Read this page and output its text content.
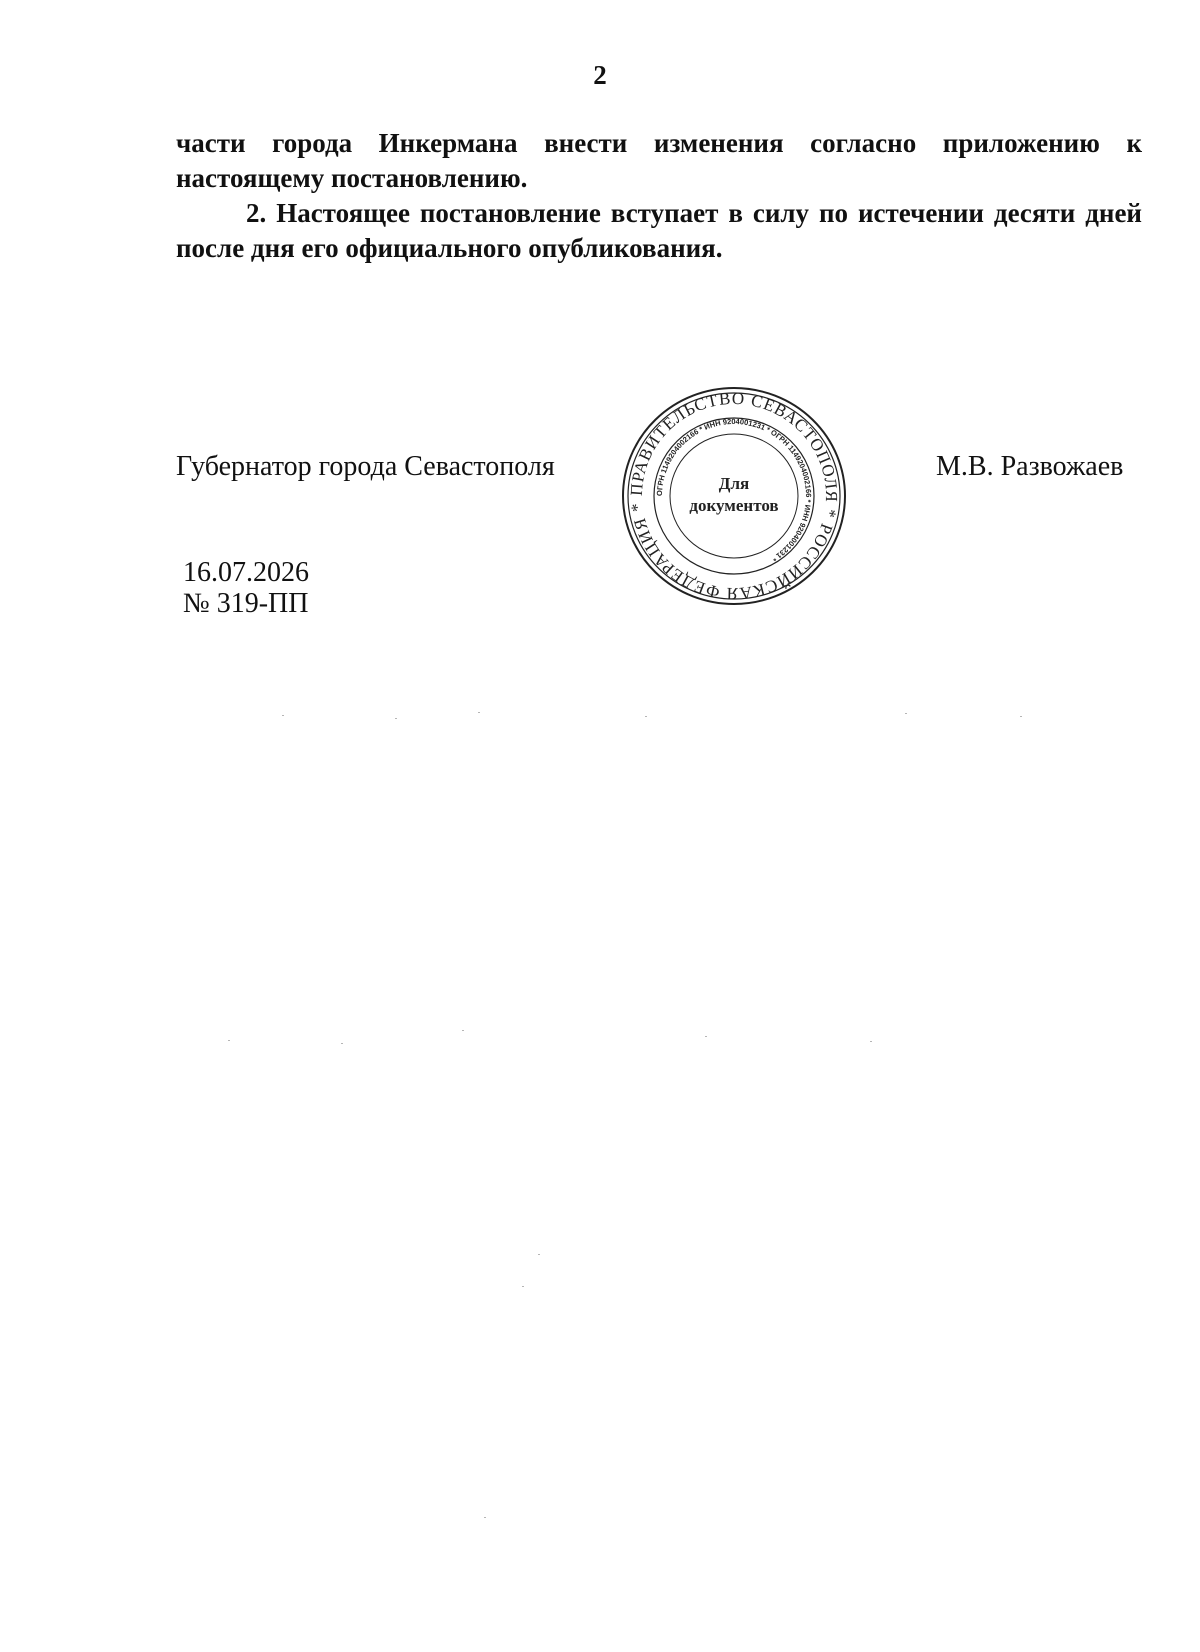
2

части города Инкермана внести изменения согласно приложению к настоящему постановлению.

2. Настоящее постановление вступает в силу по истечении десяти дней после дня его официального опубликования.

Губернатор города Севастополя
ПРАВИТЕЛЬСТВО СЕВАСТОПОЛЯ * РОССИЙСКАЯ ФЕДЕРАЦИЯ *
ОГРН 1149204002166 * ИНН 9204001231 * ОГРН 1149204002166 * ИНН 9204001231 *
Для
документов
М.В. Развожаев
16.07.2026
№ 319-ПП
